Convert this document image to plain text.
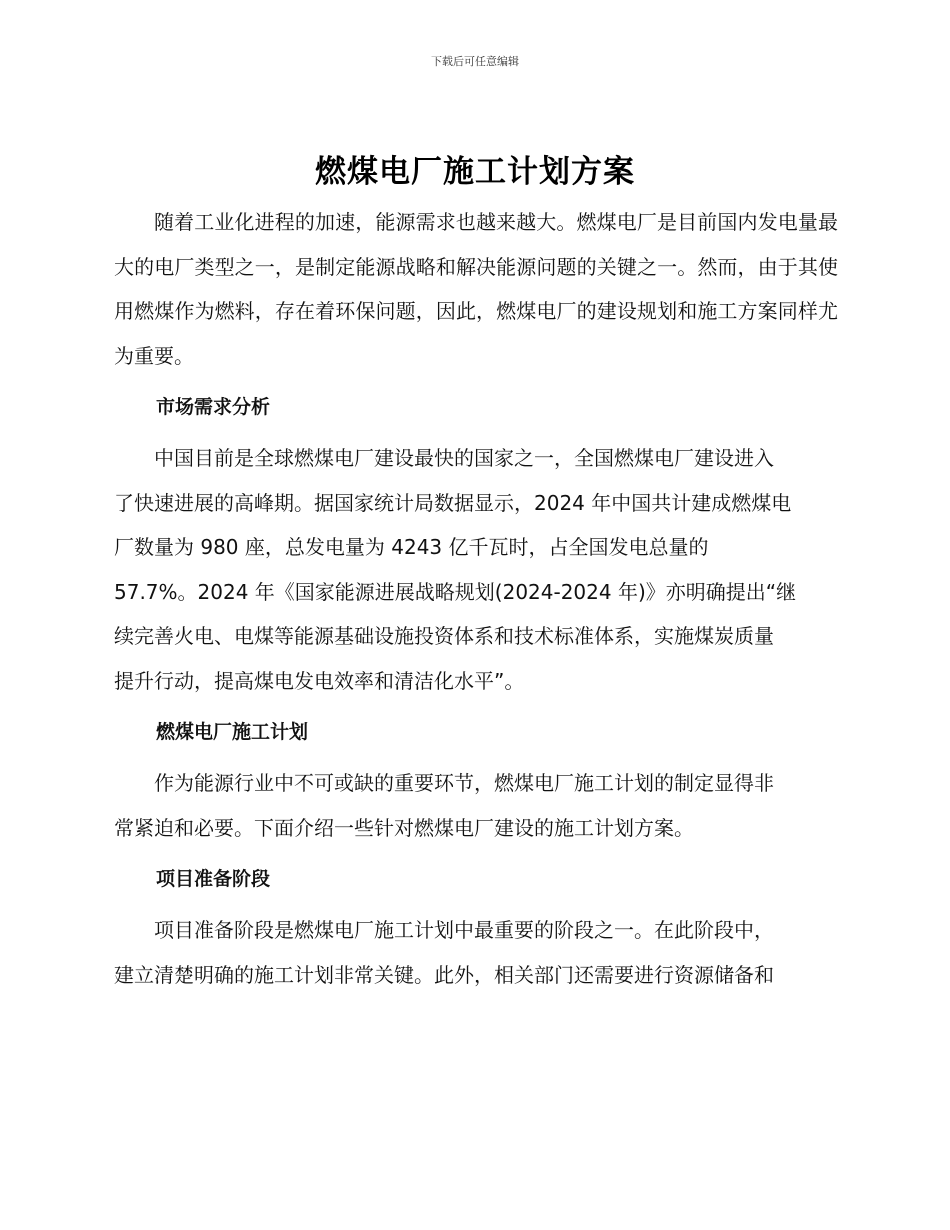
下载后可任意编辑
燃煤电厂施工计划方案

随着工业化进程的加速，能源需求也越来越大。燃煤电厂是目前国内发电量最大的电厂类型之一，是制定能源战略和解决能源问题的关键之一。然而，由于其使用燃煤作为燃料，存在着环保问题，因此，燃煤电厂的建设规划和施工方案同样尤为重要。

市场需求分析

中国目前是全球燃煤电厂建设最快的国家之一，全国燃煤电厂建设进入
了快速进展的高峰期。据国家统计局数据显示，2024 年中国共计建成燃煤电
厂数量为 980 座，总发电量为 4243 亿千瓦时，占全国发电总量的
57.7%。2024 年《国家能源进展战略规划(2024-2024 年)》亦明确提出“继
续完善火电、电煤等能源基础设施投资体系和技术标准体系，实施煤炭质量
提升行动，提高煤电发电效率和清洁化水平”。

燃煤电厂施工计划

作为能源行业中不可或缺的重要环节，燃煤电厂施工计划的制定显得非
常紧迫和必要。下面介绍一些针对燃煤电厂建设的施工计划方案。

项目准备阶段

项目准备阶段是燃煤电厂施工计划中最重要的阶段之一。在此阶段中，
建立清楚明确的施工计划非常关键。此外，相关部门还需要进行资源储备和
